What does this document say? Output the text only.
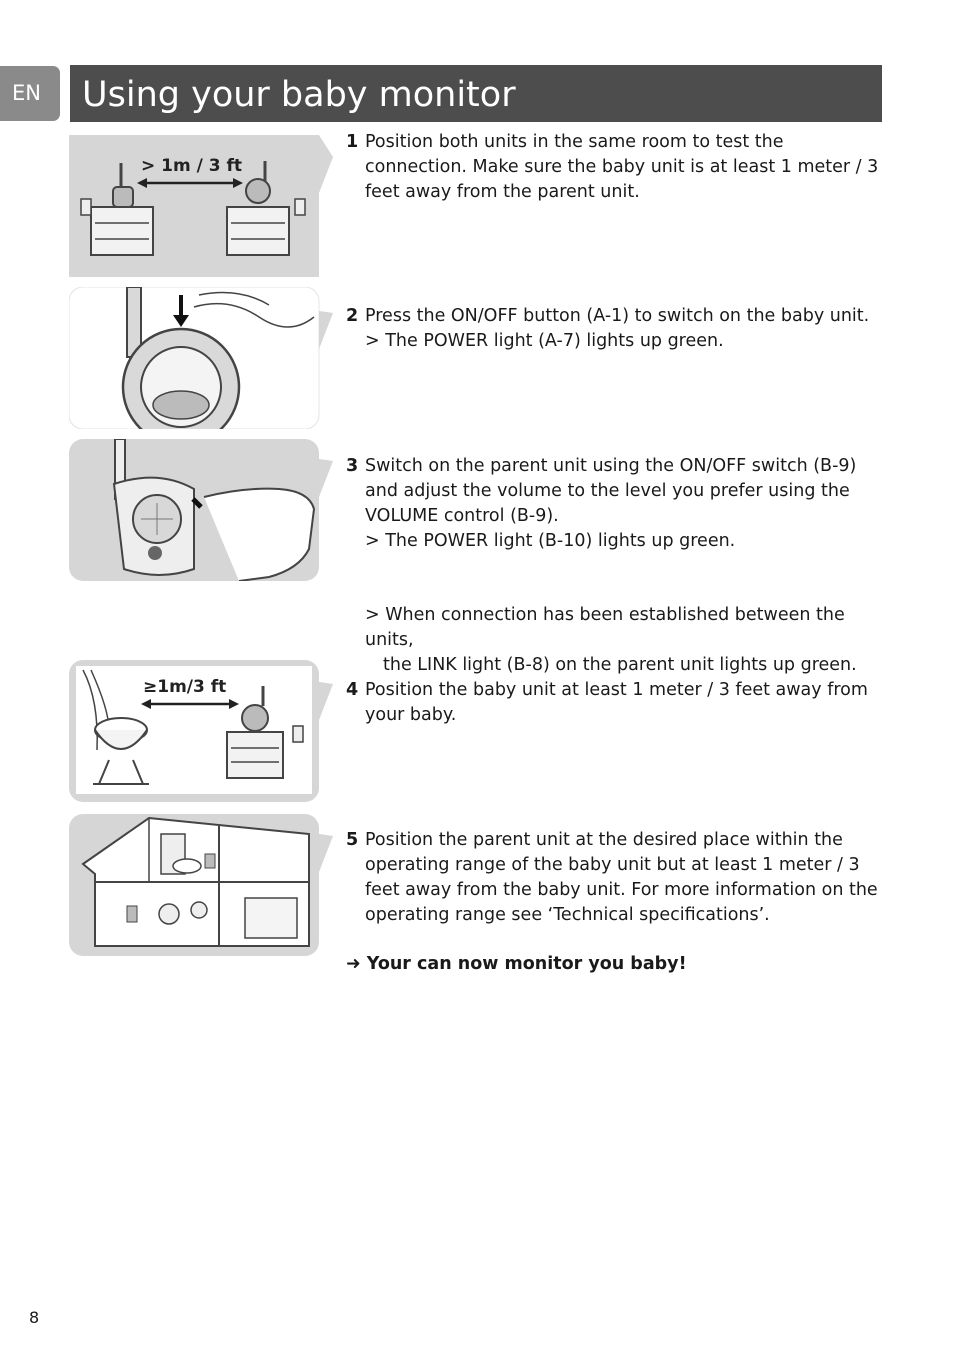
EN	Using your baby monitor
> 1m / 3 ft
≥1m/3 ft
1 Position both units in the same room to test the connection. Make sure the baby unit is at least 1 meter / 3 feet away from the parent unit.
2 Press the ON/OFF button (A-1) to switch on the baby unit.
> The POWER light (A-7) lights up green.
3 Switch on the parent unit using the ON/OFF switch (B-9) and adjust the volume to the level you prefer using the VOLUME control (B-9).
> The POWER light (B-10) lights up green.
> When connection has been established between the units,
the LINK light (B-8) on the parent unit lights up green.
4 Position the baby unit at least 1 meter / 3 feet away from your baby.
5 Position the parent unit at the desired place within the operating range of the baby unit but at least 1 meter / 3 feet away from the baby unit. For more information on the operating range see ‘Technical specifications’.
➜ Your can now monitor you baby!
8
